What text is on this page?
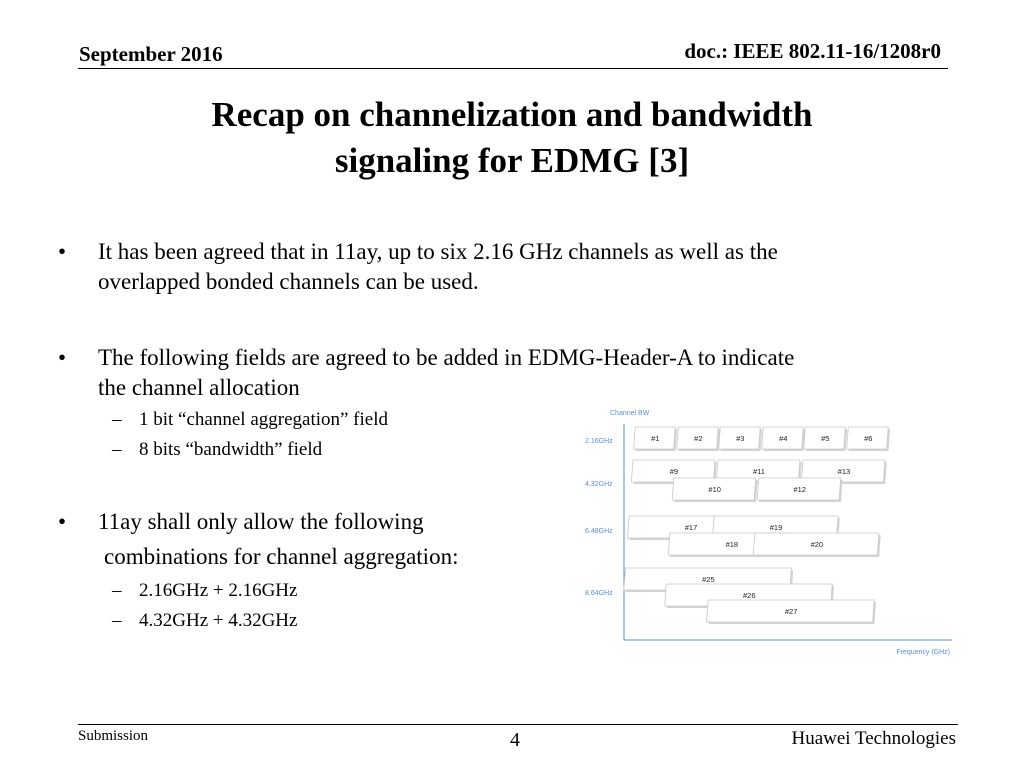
September 2016	doc.: IEEE 802.11-16/1208r0
Recap on channelization and bandwidth
signaling for EDMG [3]
• It has been agreed that in 11ay, up to six 2.16 GHz channels as well as the
overlapped bonded channels can be used.
• The following fields are agreed to be added in EDMG-Header-A to indicate
the channel allocation
– 1 bit “channel aggregation” field
– 8 bits “bandwidth” field
• 11ay shall only allow the following
combinations for channel aggregation:
– 2.16GHz + 2.16GHz
– 4.32GHz + 4.32GHz
Channel BW
Frequency (GHz)
2.16GHz
4.32GHz
6.48GHz
8.64GHz
#1	#2	#3	#4	#5	#6
#9	#11	#13
#10	#12
#17	#19
#18	#20
#25
#26
#27
Submission	4	Huawei Technologies
